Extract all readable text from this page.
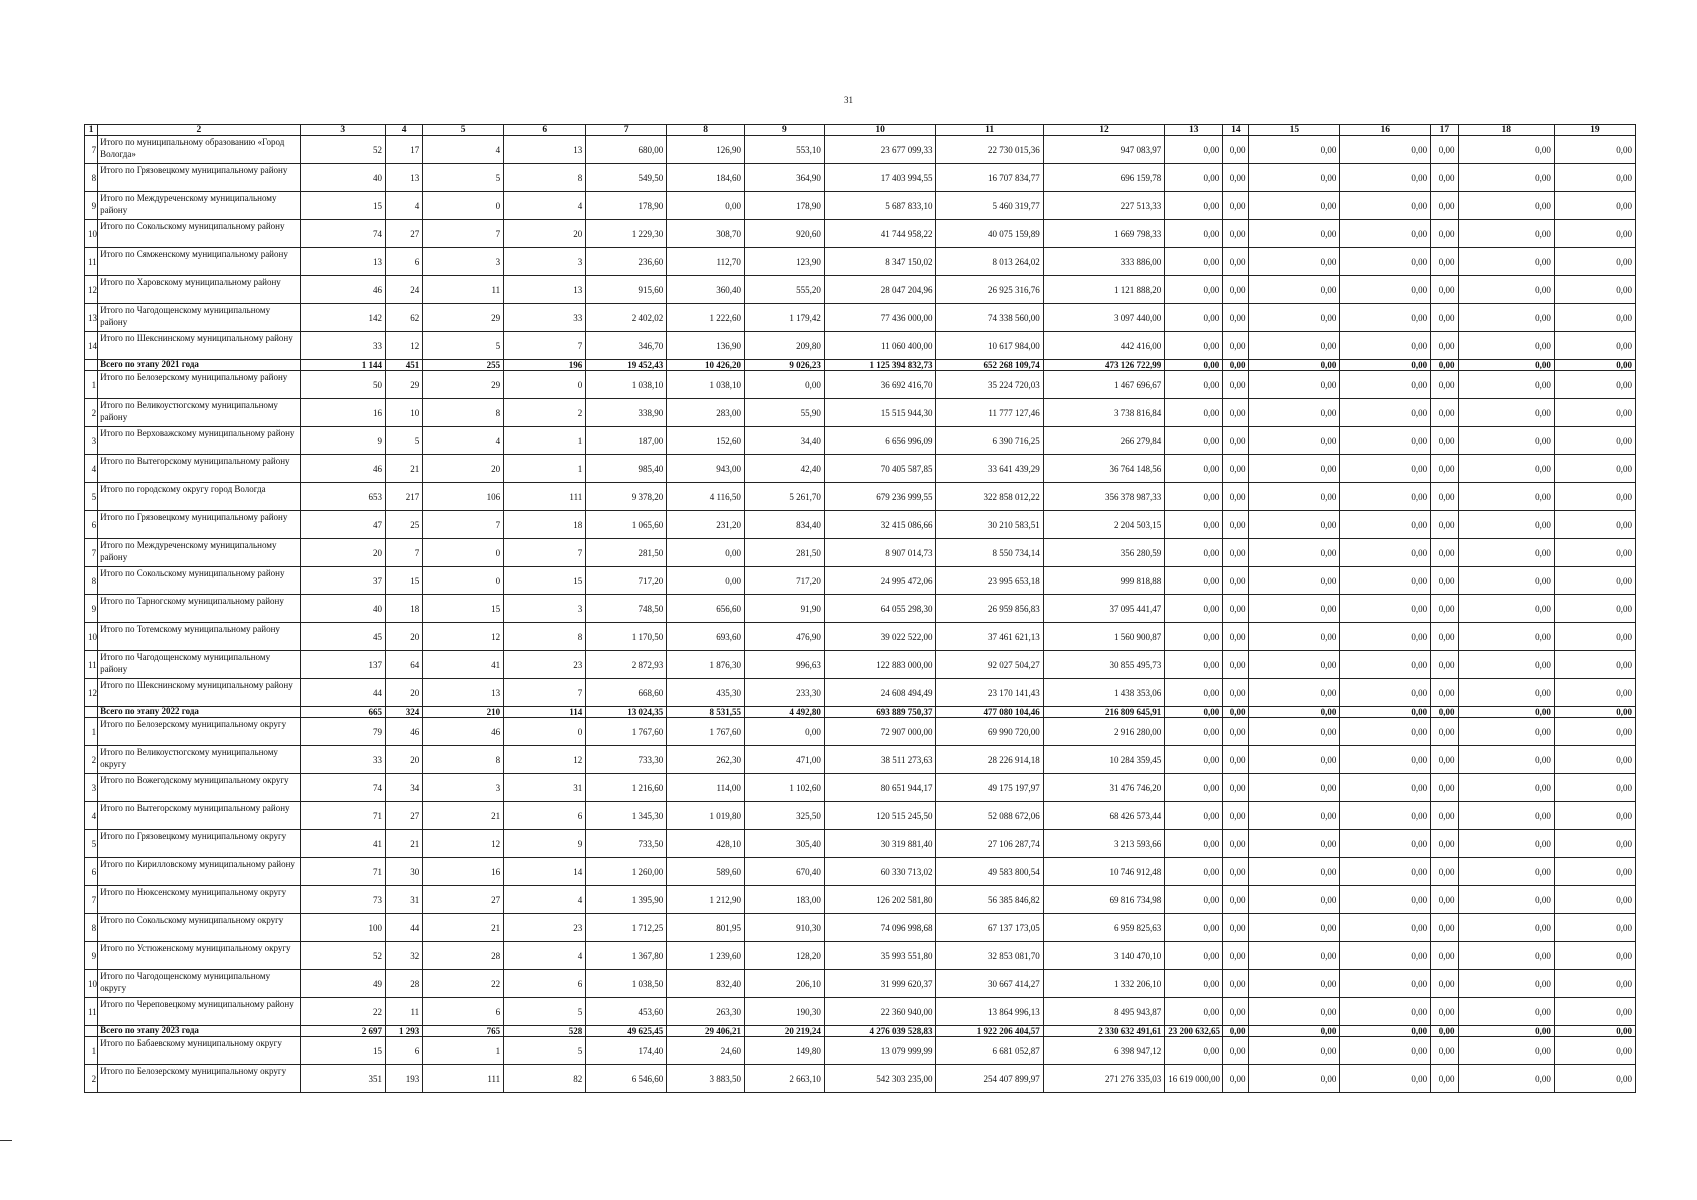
31
1	2	3	4	5	6	7	8	9	10	11	12	13	14	15	16	17	18	19
7	Итого по муниципальному образованию «Город Вологда»	52	17	4	13	680,00	126,90	553,10	23 677 099,33	22 730 015,36	947 083,97	0,00	0,00	0,00	0,00	0,00	0,00	0,00
8	Итого по Грязовецкому муниципальному району	40	13	5	8	549,50	184,60	364,90	17 403 994,55	16 707 834,77	696 159,78	0,00	0,00	0,00	0,00	0,00	0,00	0,00
9	Итого по Междуреченскому муниципальному району	15	4	0	4	178,90	0,00	178,90	5 687 833,10	5 460 319,77	227 513,33	0,00	0,00	0,00	0,00	0,00	0,00	0,00
10	Итого по Сокольскому муниципальному району	74	27	7	20	1 229,30	308,70	920,60	41 744 958,22	40 075 159,89	1 669 798,33	0,00	0,00	0,00	0,00	0,00	0,00	0,00
11	Итого по Сямженскому муниципальному району	13	6	3	3	236,60	112,70	123,90	8 347 150,02	8 013 264,02	333 886,00	0,00	0,00	0,00	0,00	0,00	0,00	0,00
12	Итого по Харовскому муниципальному району	46	24	11	13	915,60	360,40	555,20	28 047 204,96	26 925 316,76	1 121 888,20	0,00	0,00	0,00	0,00	0,00	0,00	0,00
13	Итого по Чагодощенскому муниципальному району	142	62	29	33	2 402,02	1 222,60	1 179,42	77 436 000,00	74 338 560,00	3 097 440,00	0,00	0,00	0,00	0,00	0,00	0,00	0,00
14	Итого по Шекснинскому муниципальному району	33	12	5	7	346,70	136,90	209,80	11 060 400,00	10 617 984,00	442 416,00	0,00	0,00	0,00	0,00	0,00	0,00	0,00
	Всего по этапу 2021 года	1 144	451	255	196	19 452,43	10 426,20	9 026,23	1 125 394 832,73	652 268 109,74	473 126 722,99	0,00	0,00	0,00	0,00	0,00	0,00	0,00
1	Итого по Белозерскому муниципальному району	50	29	29	0	1 038,10	1 038,10	0,00	36 692 416,70	35 224 720,03	1 467 696,67	0,00	0,00	0,00	0,00	0,00	0,00	0,00
2	Итого по Великоустюгскому муниципальному району	16	10	8	2	338,90	283,00	55,90	15 515 944,30	11 777 127,46	3 738 816,84	0,00	0,00	0,00	0,00	0,00	0,00	0,00
3	Итого по Верховажскому муниципальному району	9	5	4	1	187,00	152,60	34,40	6 656 996,09	6 390 716,25	266 279,84	0,00	0,00	0,00	0,00	0,00	0,00	0,00
4	Итого по Вытегорскому муниципальному району	46	21	20	1	985,40	943,00	42,40	70 405 587,85	33 641 439,29	36 764 148,56	0,00	0,00	0,00	0,00	0,00	0,00	0,00
5	Итого по городскому округу город Вологда	653	217	106	111	9 378,20	4 116,50	5 261,70	679 236 999,55	322 858 012,22	356 378 987,33	0,00	0,00	0,00	0,00	0,00	0,00	0,00
6	Итого по Грязовецкому муниципальному району	47	25	7	18	1 065,60	231,20	834,40	32 415 086,66	30 210 583,51	2 204 503,15	0,00	0,00	0,00	0,00	0,00	0,00	0,00
7	Итого по Междуреченскому муниципальному району	20	7	0	7	281,50	0,00	281,50	8 907 014,73	8 550 734,14	356 280,59	0,00	0,00	0,00	0,00	0,00	0,00	0,00
8	Итого по Сокольскому муниципальному району	37	15	0	15	717,20	0,00	717,20	24 995 472,06	23 995 653,18	999 818,88	0,00	0,00	0,00	0,00	0,00	0,00	0,00
9	Итого по Тарногскому муниципальному району	40	18	15	3	748,50	656,60	91,90	64 055 298,30	26 959 856,83	37 095 441,47	0,00	0,00	0,00	0,00	0,00	0,00	0,00
10	Итого по Тотемскому муниципальному району	45	20	12	8	1 170,50	693,60	476,90	39 022 522,00	37 461 621,13	1 560 900,87	0,00	0,00	0,00	0,00	0,00	0,00	0,00
11	Итого по Чагодощенскому муниципальному району	137	64	41	23	2 872,93	1 876,30	996,63	122 883 000,00	92 027 504,27	30 855 495,73	0,00	0,00	0,00	0,00	0,00	0,00	0,00
12	Итого по Шекснинскому муниципальному району	44	20	13	7	668,60	435,30	233,30	24 608 494,49	23 170 141,43	1 438 353,06	0,00	0,00	0,00	0,00	0,00	0,00	0,00
	Всего по этапу 2022 года	665	324	210	114	13 024,35	8 531,55	4 492,80	693 889 750,37	477 080 104,46	216 809 645,91	0,00	0,00	0,00	0,00	0,00	0,00	0,00
1	Итого по Белозерскому муниципальному округу	79	46	46	0	1 767,60	1 767,60	0,00	72 907 000,00	69 990 720,00	2 916 280,00	0,00	0,00	0,00	0,00	0,00	0,00	0,00
2	Итого по Великоустюгскому муниципальному округу	33	20	8	12	733,30	262,30	471,00	38 511 273,63	28 226 914,18	10 284 359,45	0,00	0,00	0,00	0,00	0,00	0,00	0,00
3	Итого по Вожегодскому муниципальному округу	74	34	3	31	1 216,60	114,00	1 102,60	80 651 944,17	49 175 197,97	31 476 746,20	0,00	0,00	0,00	0,00	0,00	0,00	0,00
4	Итого по Вытегорскому муниципальному району	71	27	21	6	1 345,30	1 019,80	325,50	120 515 245,50	52 088 672,06	68 426 573,44	0,00	0,00	0,00	0,00	0,00	0,00	0,00
5	Итого по Грязовецкому муниципальному округу	41	21	12	9	733,50	428,10	305,40	30 319 881,40	27 106 287,74	3 213 593,66	0,00	0,00	0,00	0,00	0,00	0,00	0,00
6	Итого по Кирилловскому муниципальному району	71	30	16	14	1 260,00	589,60	670,40	60 330 713,02	49 583 800,54	10 746 912,48	0,00	0,00	0,00	0,00	0,00	0,00	0,00
7	Итого по Нюксенскому муниципальному округу	73	31	27	4	1 395,90	1 212,90	183,00	126 202 581,80	56 385 846,82	69 816 734,98	0,00	0,00	0,00	0,00	0,00	0,00	0,00
8	Итого по Сокольскому муниципальному округу	100	44	21	23	1 712,25	801,95	910,30	74 096 998,68	67 137 173,05	6 959 825,63	0,00	0,00	0,00	0,00	0,00	0,00	0,00
9	Итого по Устюженскому муниципальному округу	52	32	28	4	1 367,80	1 239,60	128,20	35 993 551,80	32 853 081,70	3 140 470,10	0,00	0,00	0,00	0,00	0,00	0,00	0,00
10	Итого по Чагодощенскому муниципальному округу	49	28	22	6	1 038,50	832,40	206,10	31 999 620,37	30 667 414,27	1 332 206,10	0,00	0,00	0,00	0,00	0,00	0,00	0,00
11	Итого по Череповецкому муниципальному району	22	11	6	5	453,60	263,30	190,30	22 360 940,00	13 864 996,13	8 495 943,87	0,00	0,00	0,00	0,00	0,00	0,00	0,00
	Всего по этапу 2023 года	2 697	1 293	765	528	49 625,45	29 406,21	20 219,24	4 276 039 528,83	1 922 206 404,57	2 330 632 491,61	23 200 632,65	0,00	0,00	0,00	0,00	0,00	0,00
1	Итого по Бабаевскому муниципальному округу	15	6	1	5	174,40	24,60	149,80	13 079 999,99	6 681 052,87	6 398 947,12	0,00	0,00	0,00	0,00	0,00	0,00	0,00
2	Итого по Белозерскому муниципальному округу	351	193	111	82	6 546,60	3 883,50	2 663,10	542 303 235,00	254 407 899,97	271 276 335,03	16 619 000,00	0,00	0,00	0,00	0,00	0,00	0,00
